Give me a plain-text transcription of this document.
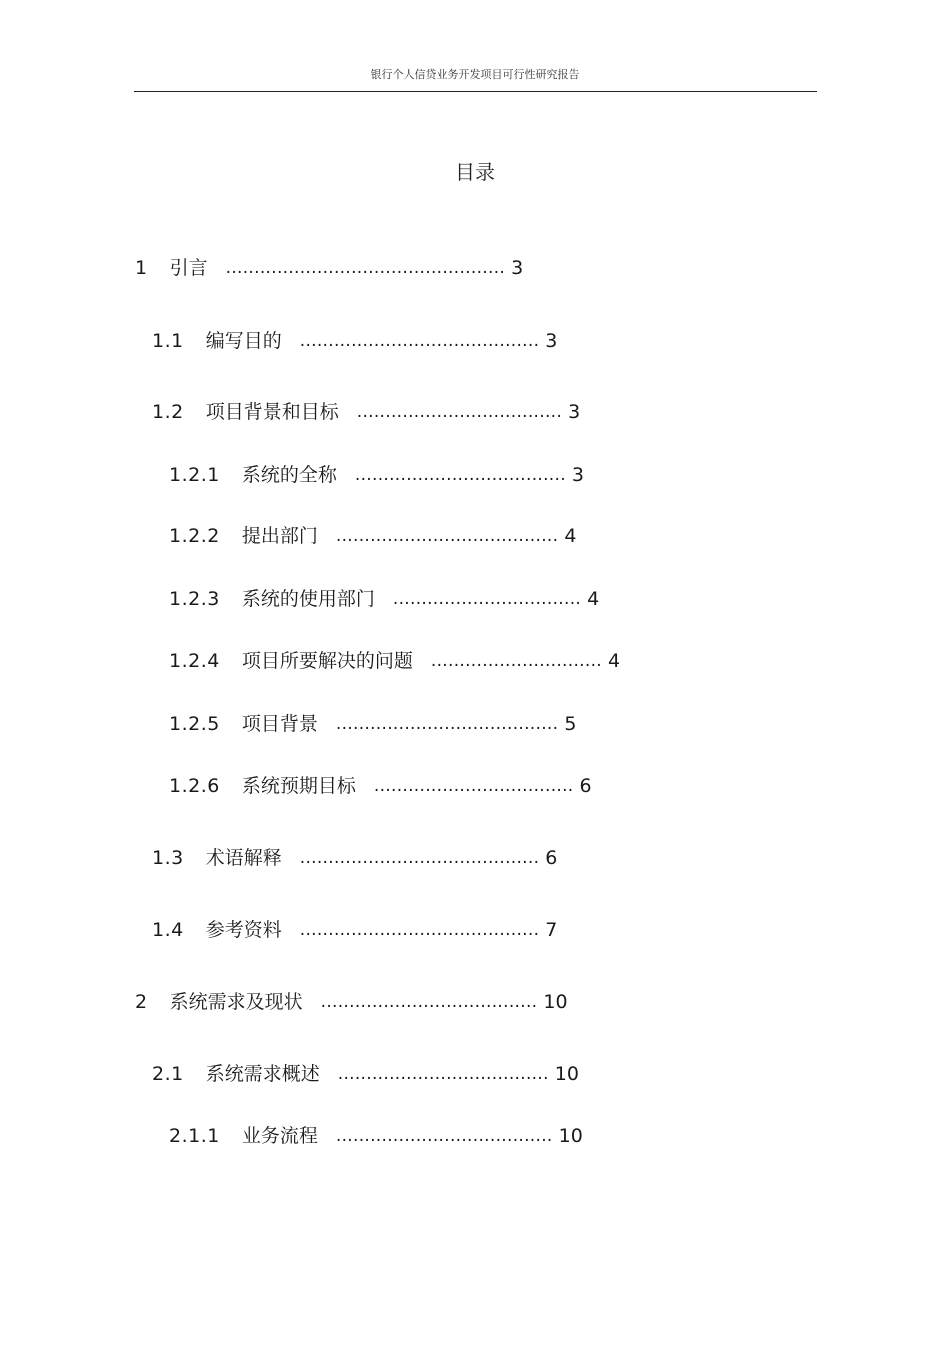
银行个人信贷业务开发项目可行性研究报告
目录
1 引言 ................................................. 3
1.1 编写目的 .......................................... 3
1.2 项目背景和目标 .................................... 3
1.2.1 系统的全称 ..................................... 3
1.2.2 提出部门 ....................................... 4
1.2.3 系统的使用部门 ................................. 4
1.2.4 项目所要解决的问题 .............................. 4
1.2.5 项目背景 ....................................... 5
1.2.6 系统预期目标 ................................... 6
1.3 术语解释 .......................................... 6
1.4 参考资料 .......................................... 7
2 系统需求及现状 ...................................... 10
2.1 系统需求概述 ..................................... 10
2.1.1 业务流程 ...................................... 10
